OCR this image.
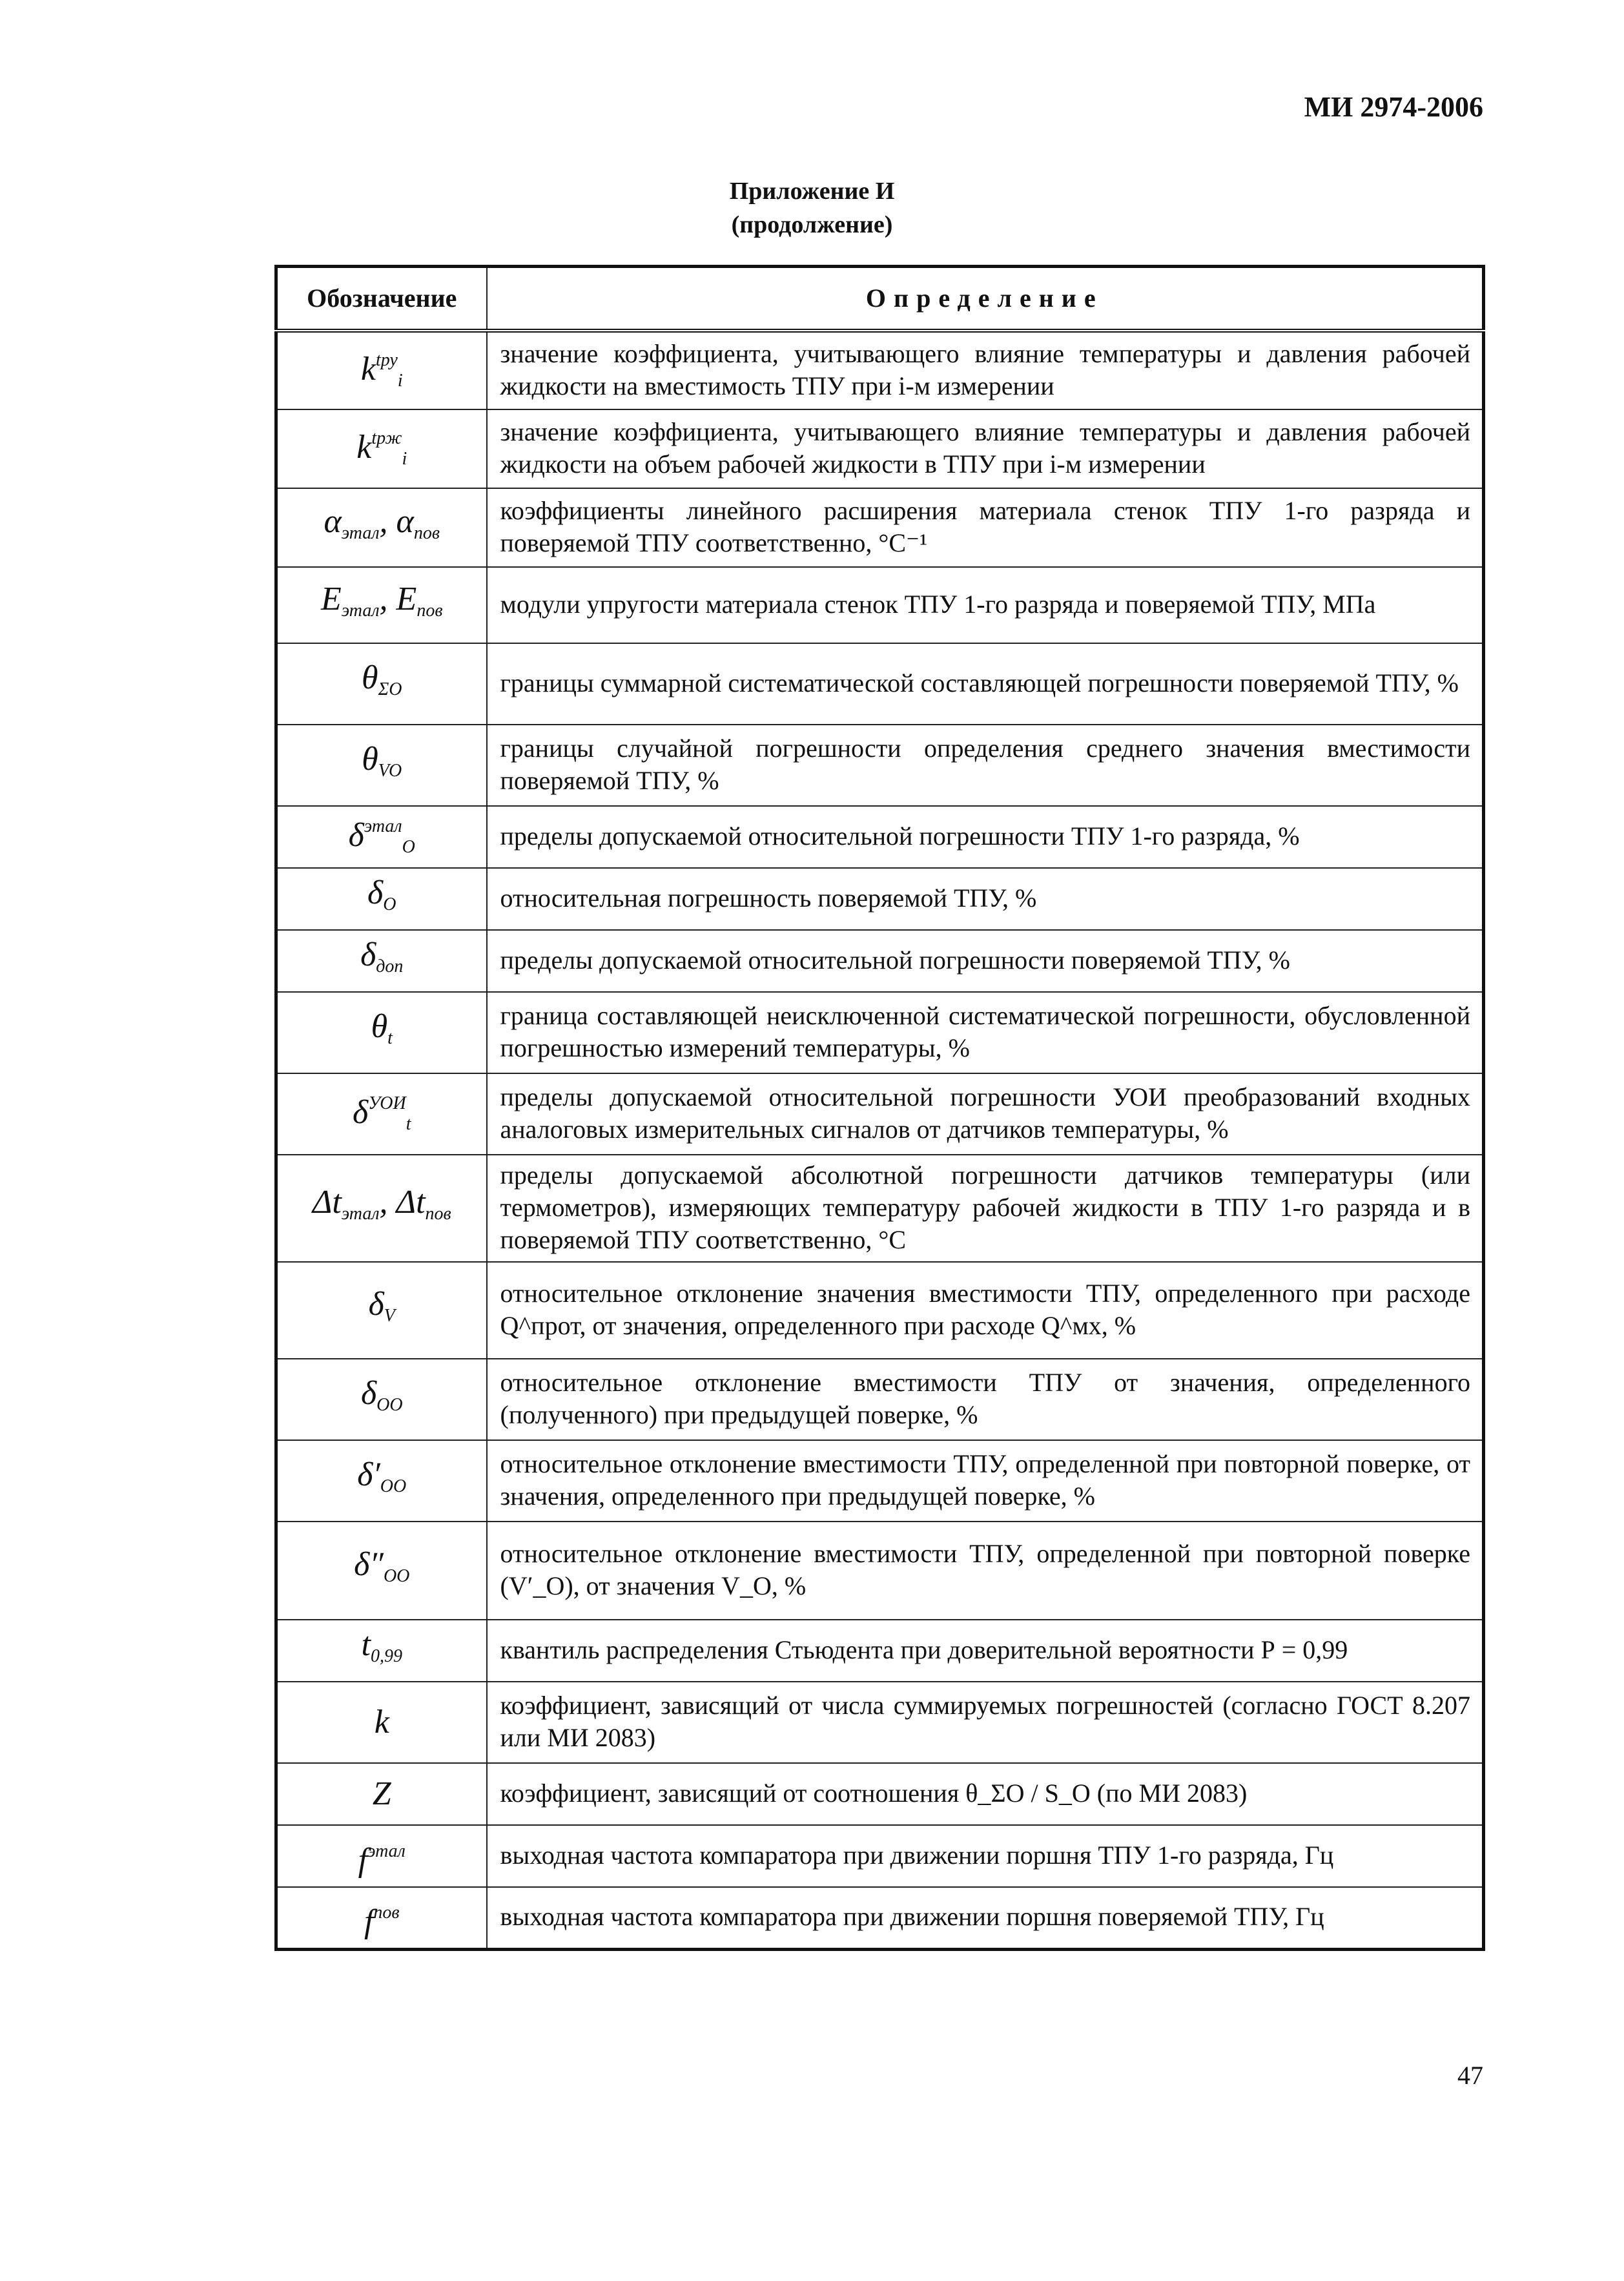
МИ 2974-2006
Приложение И
(продолжение)
Обозначение	Определение
$k^{tру}_i$	значение коэффициента, учитывающего влияние температуры и давления рабочей жидкости на вместимость ТПУ при i-м измерении
$k^{tрж}_i$	значение коэффициента, учитывающего влияние температуры и давления рабочей жидкости на объем рабочей жидкости в ТПУ при i-м измерении
$\alpha_{этал}$, $\alpha_{пов}$	коэффициенты линейного расширения материала стенок ТПУ 1-го разряда и поверяемой ТПУ соответственно, °С⁻¹
$E_{этал}$, $E_{пов}$	модули упругости материала стенок ТПУ 1-го разряда и поверяемой ТПУ, МПа
$\theta_{\Sigma О}$	границы суммарной систематической составляющей погрешности поверяемой ТПУ, %
$\theta_{VO}$	границы случайной погрешности определения среднего значения вместимости поверяемой ТПУ, %
$\delta^{этал}_O$	пределы допускаемой относительной погрешности ТПУ 1-го разряда, %
$\delta_O$	относительная погрешность поверяемой ТПУ, %
$\delta_{доп}$	пределы допускаемой относительной погрешности поверяемой ТПУ, %
$\theta_t$	граница составляющей неисключенной систематической погрешности, обусловленной погрешностью измерений температуры, %
$\delta^{УОИ}_t$	пределы допускаемой относительной погрешности УОИ преобразований входных аналоговых измерительных сигналов от датчиков температуры, %
$\Delta t_{этал}$, $\Delta t_{пов}$	пределы допускаемой абсолютной погрешности датчиков температуры (или термометров), измеряющих температуру рабочей жидкости в ТПУ 1-го разряда и в поверяемой ТПУ соответственно, °С
$\delta_V$	относительное отклонение значения вместимости ТПУ, определенного при расходе Q^прот, от значения, определенного при расходе Q^мх, %
$\delta_{OO}$	относительное отклонение вместимости ТПУ от значения, определенного (полученного) при предыдущей поверке, %
$\delta'_{OO}$	относительное отклонение вместимости ТПУ, определенной при повторной поверке, от значения, определенного при предыдущей поверке, %
$\delta''_{OO}$	относительное отклонение вместимости ТПУ, определенной при повторной поверке (V′_O), от значения V_O, %
$t_{0,99}$	квантиль распределения Стьюдента при доверительной вероятности Р = 0,99
k	коэффициент, зависящий от числа суммируемых погрешностей (согласно ГОСТ 8.207 или МИ 2083)
Z	коэффициент, зависящий от соотношения θ_ΣО / S_O (по МИ 2083)
$f^{этал}$	выходная частота компаратора при движении поршня ТПУ 1-го разряда, Гц
$f^{пов}$	выходная частота компаратора при движении поршня поверяемой ТПУ, Гц
47
